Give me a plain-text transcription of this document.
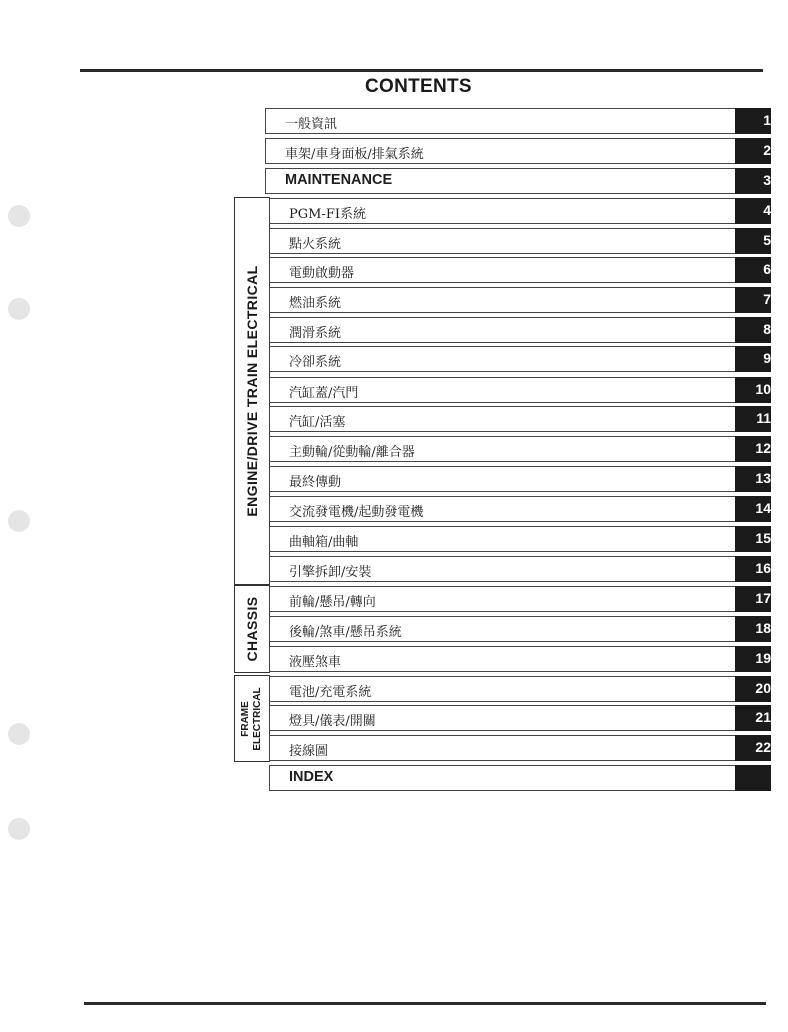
CONTENTS
ENGINE/DRIVE TRAIN ELECTRICAL
CHASSIS
FRAME ELECTRICAL
一般資訊	1
車架/車身面板/排氣系統	2
MAINTENANCE	3
PGM-FI系統	4
點火系統	5
電動啟動器	6
燃油系統	7
潤滑系統	8
冷卻系統	9
汽缸蓋/汽門	10
汽缸/活塞	11
主動輪/從動輪/離合器	12
最終傳動	13
交流發電機/起動發電機	14
曲軸箱/曲軸	15
引擎拆卸/安裝	16
前輪/懸吊/轉向	17
後輪/煞車/懸吊系統	18
液壓煞車	19
電池/充電系統	20
燈具/儀表/開關	21
接線圖	22
INDEX
